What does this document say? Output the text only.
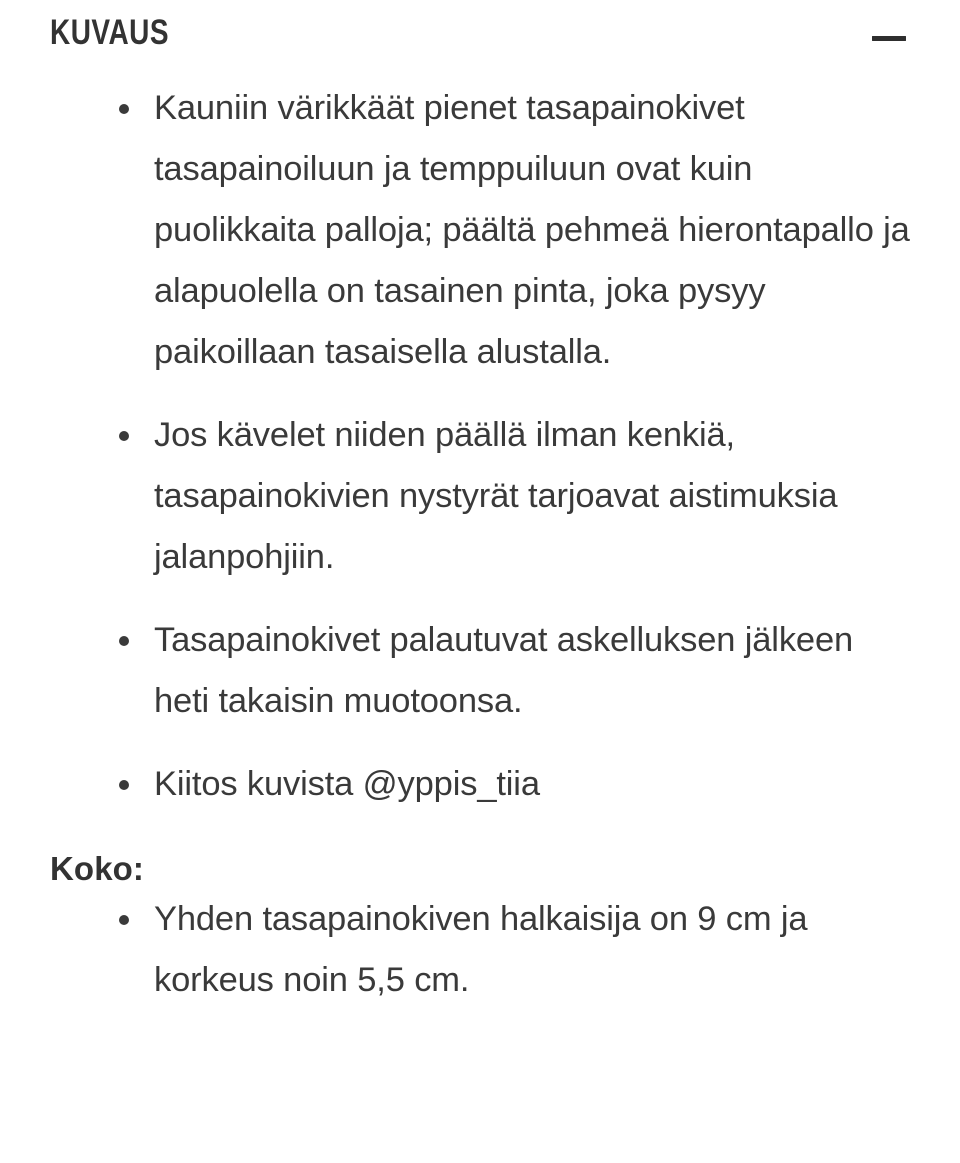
KUVAUS
Kauniin värikkäät pienet tasapainokivet tasapainoiluun ja temppuiluun ovat kuin puolikkaita palloja; päältä pehmeä hierontapallo ja alapuolella on tasainen pinta, joka pysyy paikoillaan tasaisella alustalla.
Jos kävelet niiden päällä ilman kenkiä, tasapainokivien nystyrät tarjoavat aistimuksia jalanpohjiin.
Tasapainokivet palautuvat askelluksen jälkeen heti takaisin muotoonsa.
Kiitos kuvista @yppis_tiia

Koko:

Yhden tasapainokiven halkaisija on 9 cm ja korkeus noin 5,5 cm.
